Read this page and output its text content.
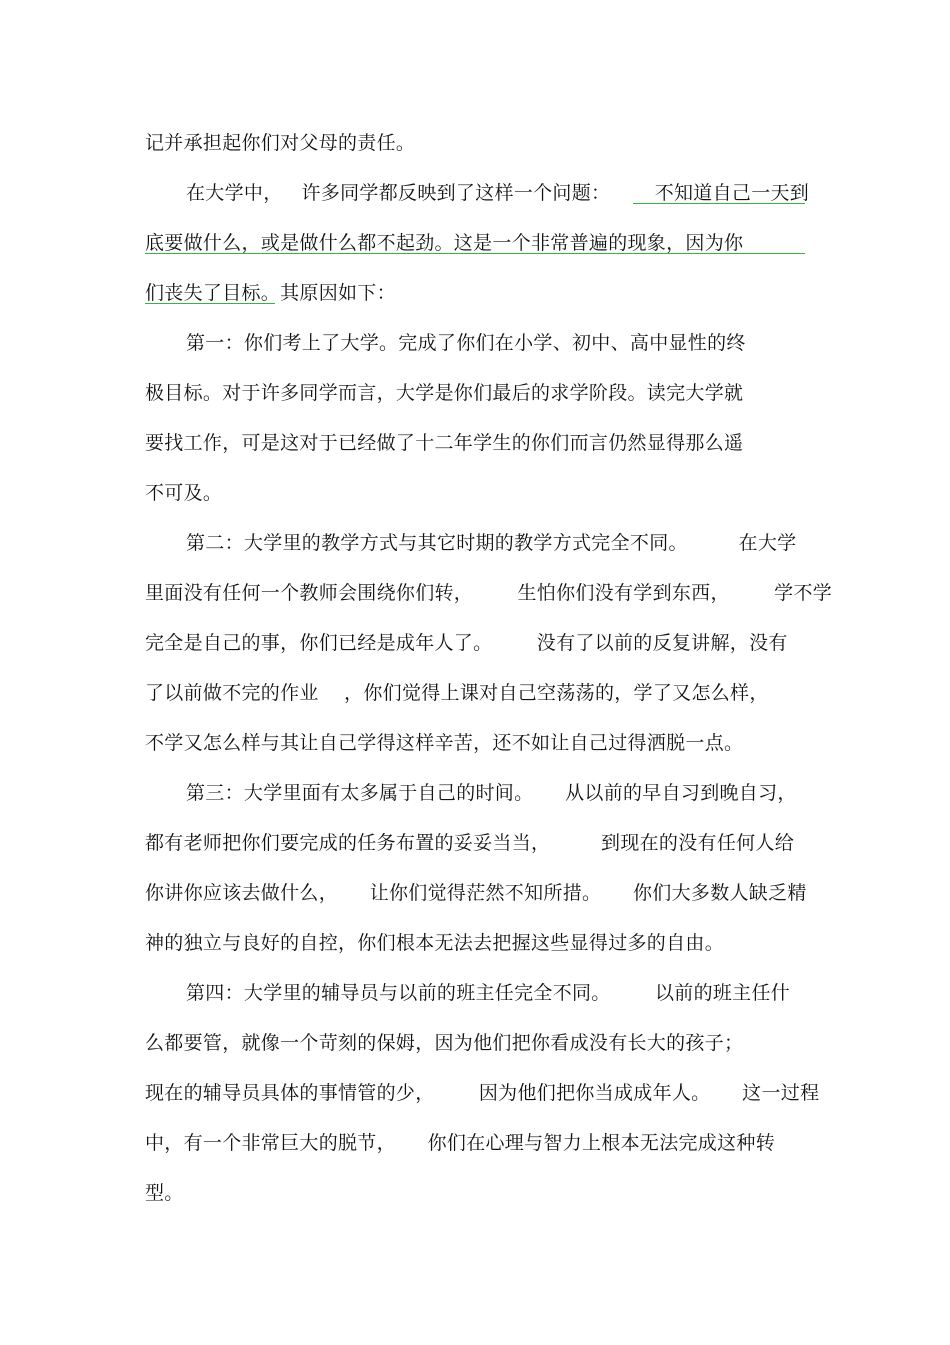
记并承担起你们对父母的责任。
在大学中，   许多同学都反映到了这样一个问题：       不知道自己一天到
底要做什么，或是做什么都不起劲。这是一个非常普遍的现象，因为你
们丧失了目标。其原因如下：
第一：你们考上了大学。完成了你们在小学、初中、高中显性的终
极目标。对于许多同学而言，大学是你们最后的求学阶段。读完大学就
要找工作，可是这对于已经做了十二年学生的你们而言仍然显得那么遥
不可及。
第二：大学里的教学方式与其它时期的教学方式完全不同。        在大学
里面没有任何一个教师会围绕你们转，       生怕你们没有学到东西，       学不学
完全是自己的事，你们已经是成年人了。       没有了以前的反复讲解，没有
了以前做不完的作业    ，你们觉得上课对自己空荡荡的，学了又怎么样，
不学又怎么样与其让自己学得这样辛苦，还不如让自己过得洒脱一点。
第三：大学里面有太多属于自己的时间。     从以前的早自习到晚自习，
都有老师把你们要完成的任务布置的妥妥当当，        到现在的没有任何人给
你讲你应该去做什么，     让你们觉得茫然不知所措。     你们大多数人缺乏精
神的独立与良好的自控，你们根本无法去把握这些显得过多的自由。
第四：大学里的辅导员与以前的班主任完全不同。       以前的班主任什
么都要管，就像一个苛刻的保姆，因为他们把你看成没有长大的孩子；
现在的辅导员具体的事情管的少，       因为他们把你当成成年人。     这一过程
中，有一个非常巨大的脱节，     你们在心理与智力上根本无法完成这种转
型。
